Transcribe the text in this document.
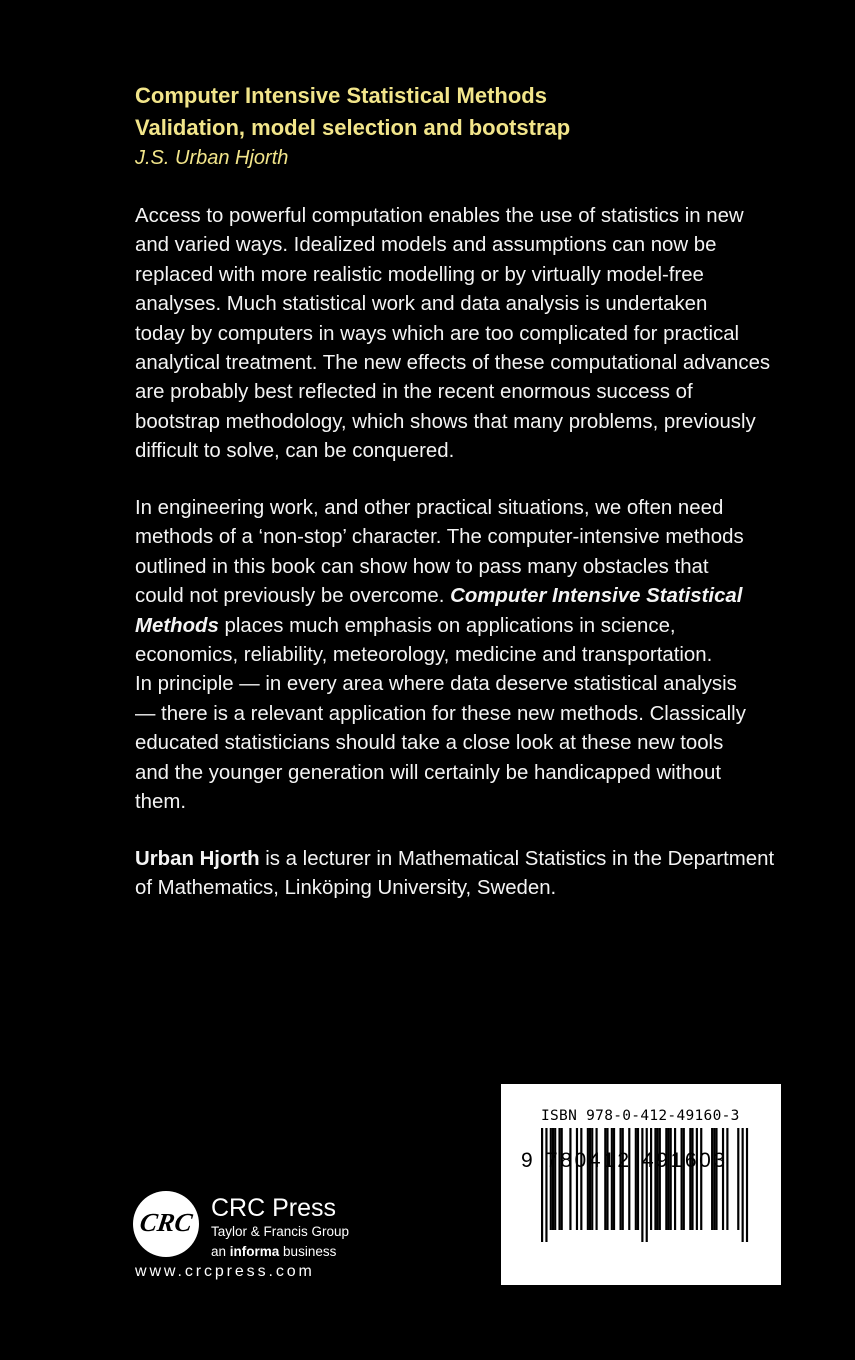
Computer Intensive Statistical Methods
Validation, model selection and bootstrap
J.S. Urban Hjorth
Access to powerful computation enables the use of statistics in new
and varied ways. Idealized models and assumptions can now be
replaced with more realistic modelling or by virtually model-free
analyses. Much statistical work and data analysis is undertaken
today by computers in ways which are too complicated for practical
analytical treatment. The new effects of these computational advances
are probably best reflected in the recent enormous success of
bootstrap methodology, which shows that many problems, previously
difficult to solve, can be conquered.
In engineering work, and other practical situations, we often need
methods of a ‘non-stop’ character. The computer-intensive methods
outlined in this book can show how to pass many obstacles that
could not previously be overcome. Computer Intensive Statistical
Methods places much emphasis on applications in science,
economics, reliability, meteorology, medicine and transportation.
In principle — in every area where data deserve statistical analysis
— there is a relevant application for these new methods. Classically
educated statisticians should take a close look at these new tools
and the younger generation will certainly be handicapped without
them.
Urban Hjorth is a lecturer in Mathematical Statistics in the Department
of Mathematics, Linköping University, Sweden.
CRC CRC Press
Taylor & Francis Group
an informa business
www.crcpress.com
ISBN 978-0-412-49160-3
9 780412 491603
